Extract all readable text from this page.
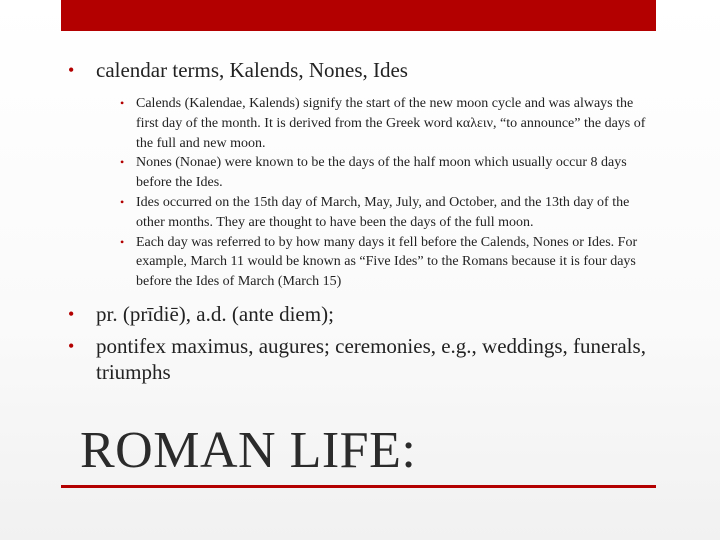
• calendar terms, Kalends, Nones, Ides

• Calends (Kalendae, Kalends) signify the start of the new moon cycle and was always the first day of the month. It is derived from the Greek word καλειν, “to announce” the days of the full and new moon.

• Nones (Nonae) were known to be the days of the half moon which usually occur 8 days before the Ides.

• Ides occurred on the 15th day of March, May, July, and October, and the 13th day of the other months. They are thought to have been the days of the full moon.

• Each day was referred to by how many days it fell before the Calends, Nones or Ides. For example, March 11 would be known as “Five Ides” to the Romans because it is four days before the Ides of March (March 15)

• pr. (prīdiē), a.d. (ante diem);

• pontifex maximus, augures; ceremonies, e.g., weddings, funerals, triumphs

ROMAN LIFE:
